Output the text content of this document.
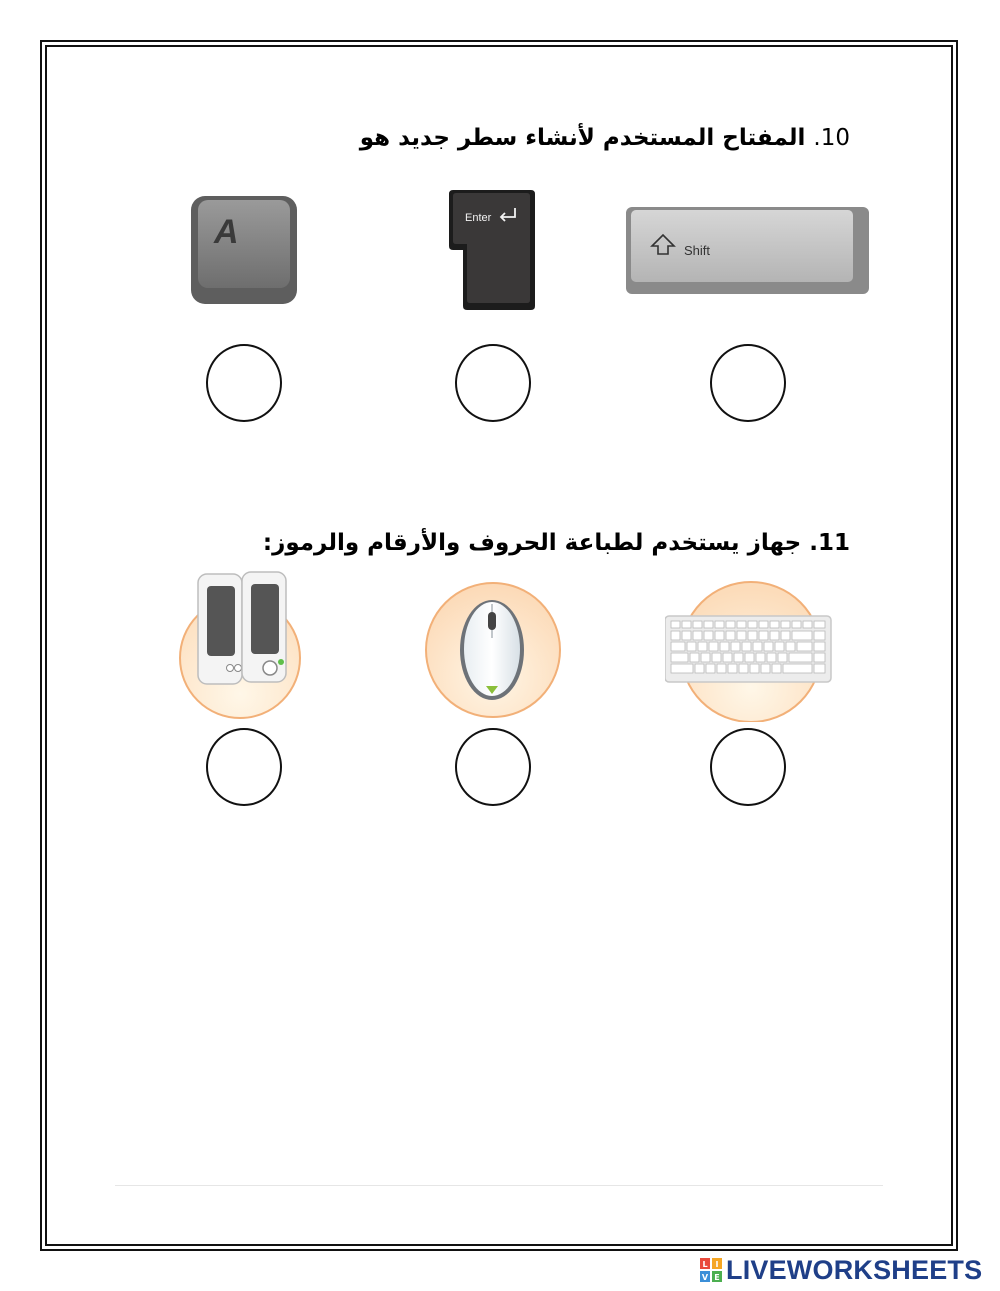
10. المفتاح المستخدم لأنشاء سطر جديد هو
A	Enter
Shift
11. جهاز يستخدم لطباعة الحروف والأرقام والرموز:
L I
V E LIVEWORKSHEETS
